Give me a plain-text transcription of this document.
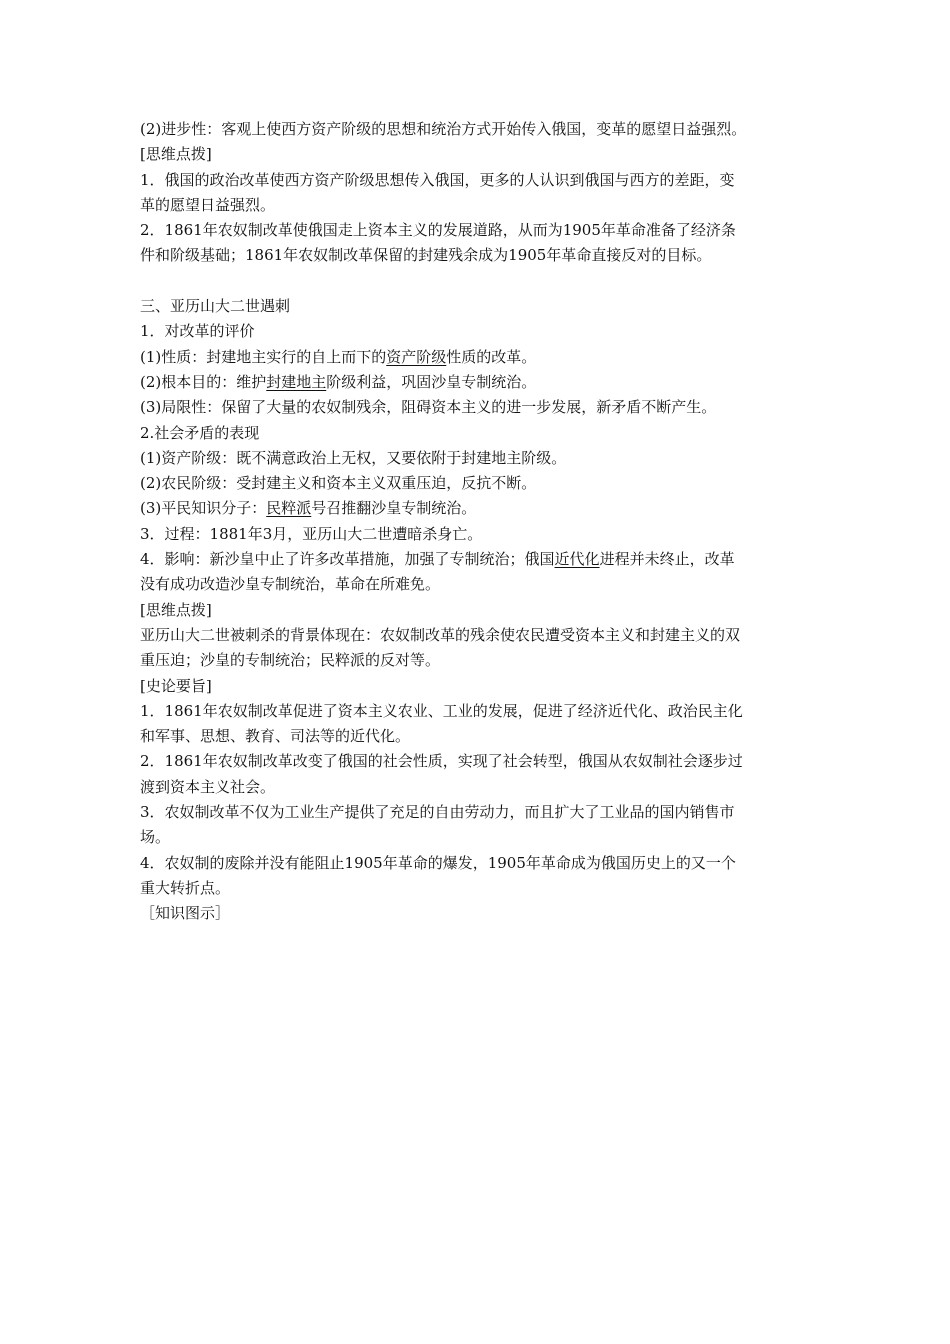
(2)进步性：客观上使西方资产阶级的思想和统治方式开始传入俄国，变革的愿望日益强烈。
[思维点拨]
1．俄国的政治改革使西方资产阶级思想传入俄国，更多的人认识到俄国与西方的差距，变
革的愿望日益强烈。
2．1861年农奴制改革使俄国走上资本主义的发展道路，从而为1905年革命准备了经济条
件和阶级基础；1861年农奴制改革保留的封建残余成为1905年革命直接反对的目标。
三、亚历山大二世遇刺
1．对改革的评价
(1)性质：封建地主实行的自上而下的资产阶级性质的改革。
(2)根本目的：维护封建地主阶级利益，巩固沙皇专制统治。
(3)局限性：保留了大量的农奴制残余，阻碍资本主义的进一步发展，新矛盾不断产生。
2.社会矛盾的表现
(1)资产阶级：既不满意政治上无权，又要依附于封建地主阶级。
(2)农民阶级：受封建主义和资本主义双重压迫，反抗不断。
(3)平民知识分子：民粹派号召推翻沙皇专制统治。
3．过程：1881年3月，亚历山大二世遭暗杀身亡。
4．影响：新沙皇中止了许多改革措施，加强了专制统治；俄国近代化进程并未终止，改革
没有成功改造沙皇专制统治，革命在所难免。
[思维点拨]
亚历山大二世被刺杀的背景体现在：农奴制改革的残余使农民遭受资本主义和封建主义的双
重压迫；沙皇的专制统治；民粹派的反对等。
[史论要旨]
1．1861年农奴制改革促进了资本主义农业、工业的发展，促进了经济近代化、政治民主化
和军事、思想、教育、司法等的近代化。
2．1861年农奴制改革改变了俄国的社会性质，实现了社会转型，俄国从农奴制社会逐步过
渡到资本主义社会。
3．农奴制改革不仅为工业生产提供了充足的自由劳动力，而且扩大了工业品的国内销售市
场。
4．农奴制的废除并没有能阻止1905年革命的爆发，1905年革命成为俄国历史上的又一个
重大转折点。
［知识图示］
